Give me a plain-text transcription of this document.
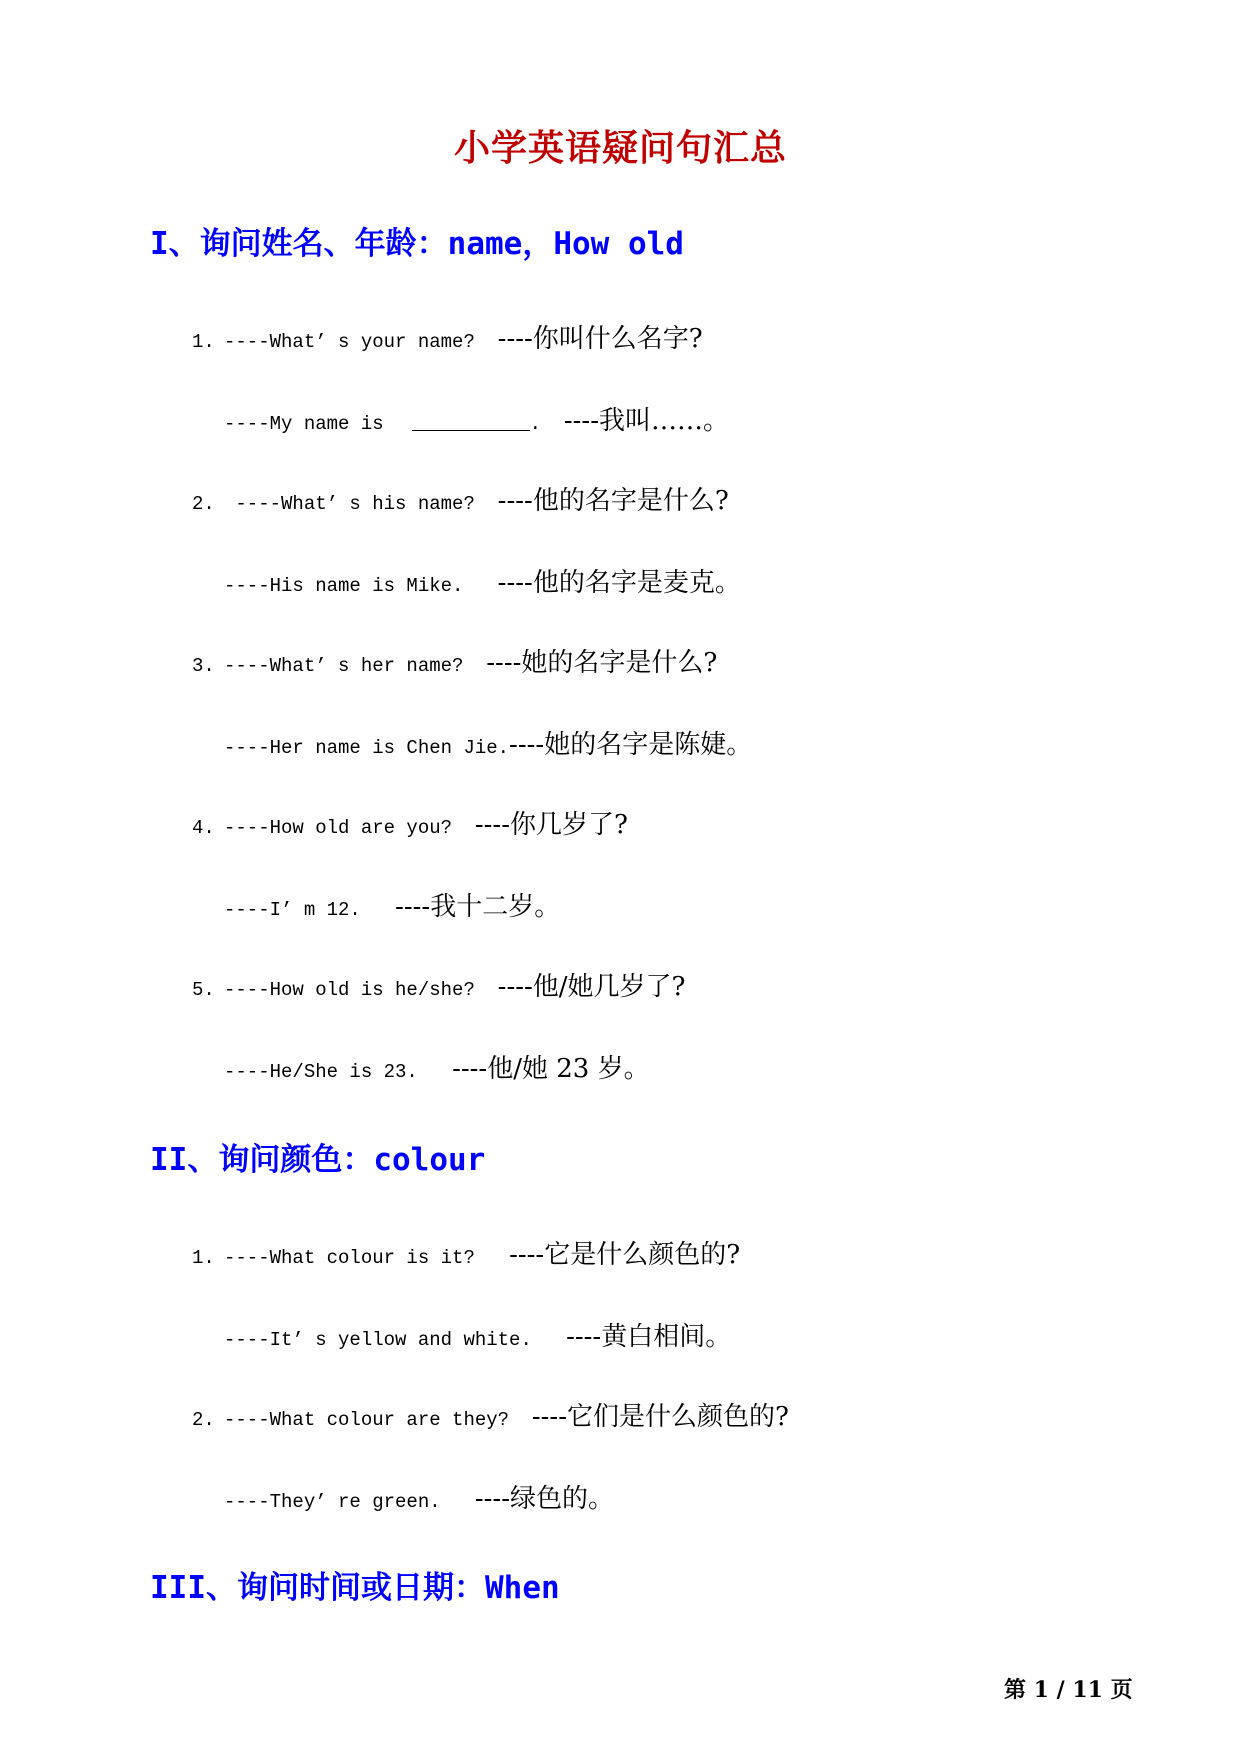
小学英语疑问句汇总
I、询问姓名、年龄：name，How old
1. ----What’ s your name? ----你叫什么名字?
----My name is	. ----我叫……。
2. ----What’ s his name? ----他的名字是什么?
----His name is Mike. ----他的名字是麦克。
3. ----What’ s her name? ----她的名字是什么?
----Her name is Chen Jie.----她的名字是陈婕。
4. ----How old are you? ----你几岁了?
----I’ m 12. ----我十二岁。
5. ----How old is he/she? ----他/她几岁了?
----He/She is 23. ----他/她 23 岁。
II、询问颜色：colour
1. ----What colour is it? ----它是什么颜色的?
----It’ s yellow and white. ----黄白相间。
2. ----What colour are they? ----它们是什么颜色的?
----They’ re green. ----绿色的。
III、询问时间或日期：When
第 1 / 11 页
